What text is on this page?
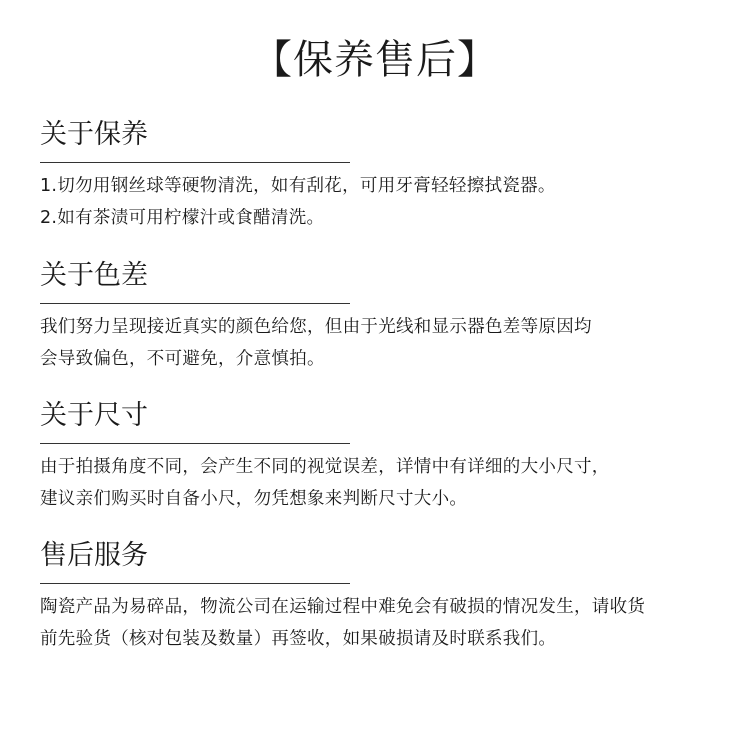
【保养售后】
关于保养
1.切勿用钢丝球等硬物清洗，如有刮花，可用牙膏轻轻擦拭瓷器。
2.如有茶渍可用柠檬汁或食醋清洗。
关于色差
我们努力呈现接近真实的颜色给您，但由于光线和显示器色差等原因均
会导致偏色，不可避免，介意慎拍。
关于尺寸
由于拍摄角度不同，会产生不同的视觉误差，详情中有详细的大小尺寸，
建议亲们购买时自备小尺，勿凭想象来判断尺寸大小。
售后服务
陶瓷产品为易碎品，物流公司在运输过程中难免会有破损的情况发生，请收货
前先验货（核对包装及数量）再签收，如果破损请及时联系我们。
